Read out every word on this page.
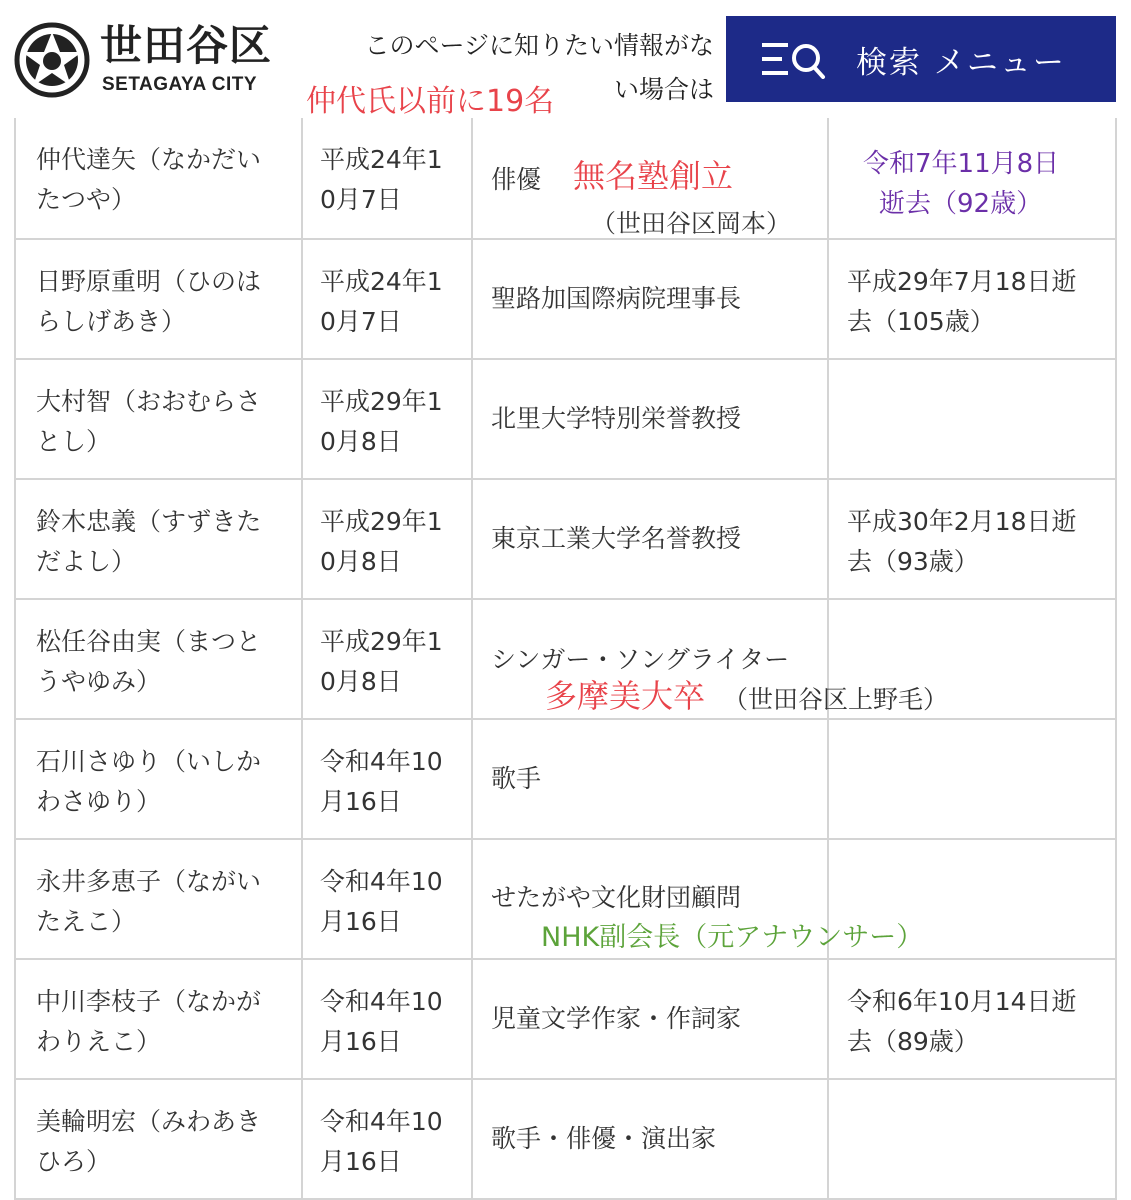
世田谷区
SETAGAYA CITY
このページに知りたい情報がな
い場合は
仲代氏以前に19名
検索 メニュー
仲代達矢（なかだい
たつや）
平成24年1
0月7日
俳優 無名塾創立
（世田谷区岡本）
令和7年11月8日
逝去（92歳）
日野原重明（ひのは
らしげあき）
平成24年1
0月7日
聖路加国際病院理事長
平成29年7月18日逝
去（105歳）
大村智（おおむらさ
とし）
平成29年1
0月8日
北里大学特別栄誉教授
鈴木忠義（すずきた
だよし）
平成29年1
0月8日
東京工業大学名誉教授
平成30年2月18日逝
去（93歳）
松任谷由実（まつと
うやゆみ）
平成29年1
0月8日
シンガー・ソングライター
多摩美大卒 （世田谷区上野毛）
石川さゆり（いしか
わさゆり）
令和4年10
月16日
歌手
永井多恵子（ながい
たえこ）
令和4年10
月16日
せたがや文化財団顧問
NHK副会長（元アナウンサー）
中川李枝子（なかが
わりえこ）
令和4年10
月16日
児童文学作家・作詞家
令和6年10月14日逝
去（89歳）
美輪明宏（みわあき
ひろ）
令和4年10
月16日
歌手・俳優・演出家
